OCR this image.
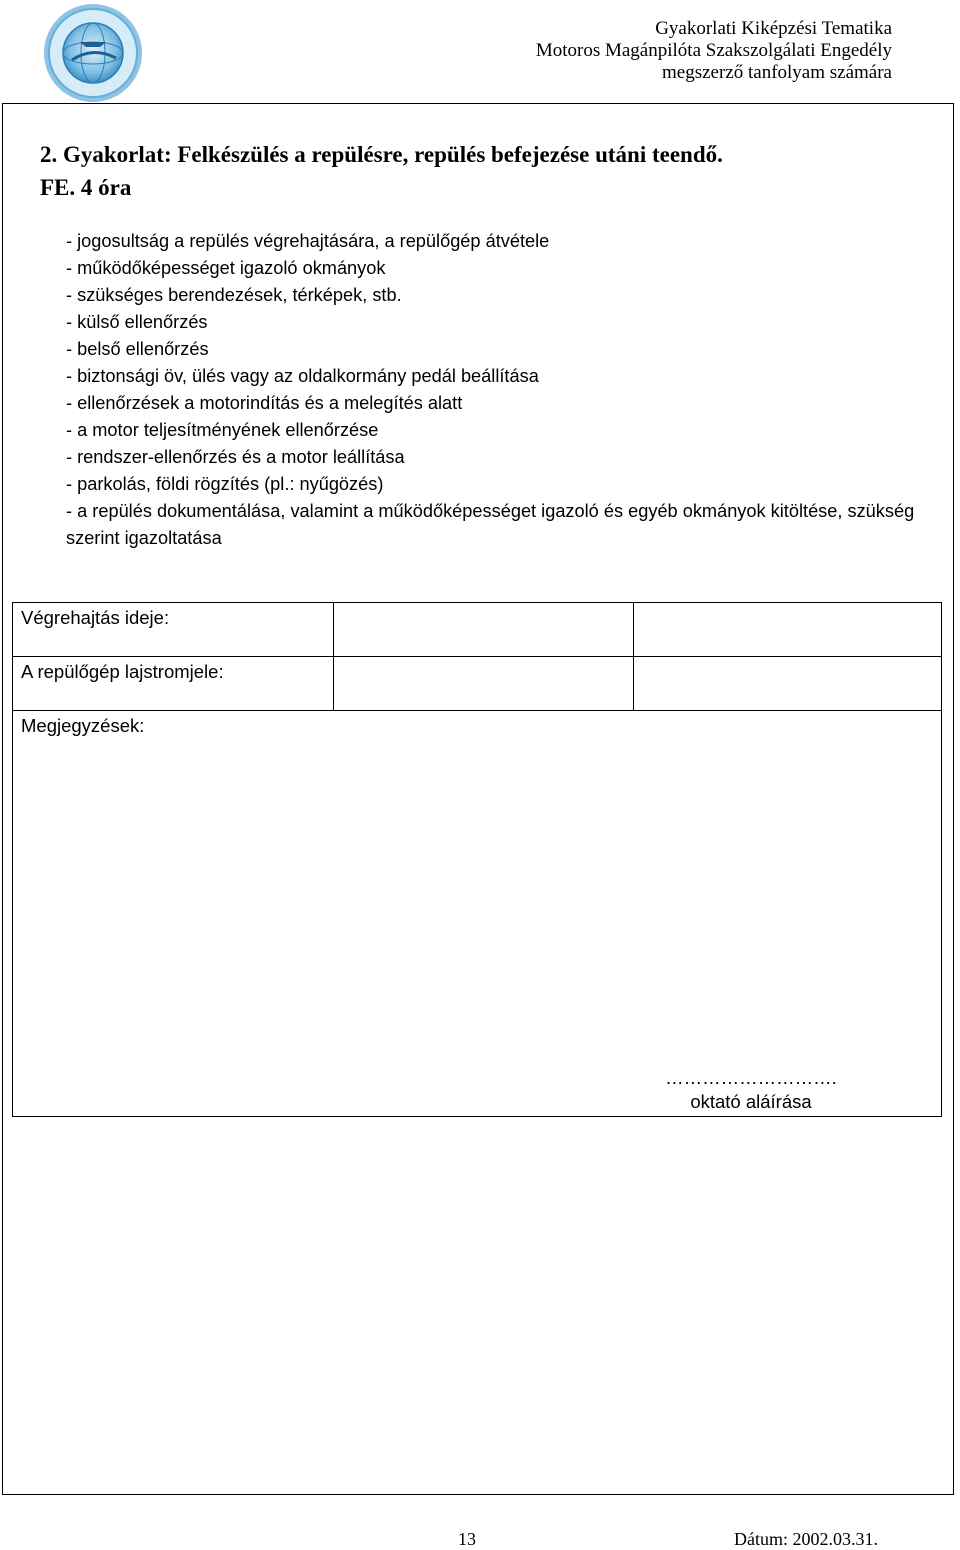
Gyakorlati Kiképzési Tematika
Motoros Magánpilóta Szakszolgálati Engedély
megszerző tanfolyam számára
2. Gyakorlat: Felkészülés a repülésre, repülés befejezése utáni teendő.
FE. 4 óra
- jogosultság a repülés végrehajtására, a repülőgép átvétele
- működőképességet igazoló okmányok
- szükséges berendezések, térképek, stb.
- külső ellenőrzés
- belső ellenőrzés
- biztonsági öv, ülés vagy az oldalkormány pedál beállítása
- ellenőrzések a motorindítás és a melegítés alatt
- a motor teljesítményének ellenőrzése
- rendszer-ellenőrzés és a motor leállítása
- parkolás, földi rögzítés (pl.: nyűgözés)
- a repülés dokumentálása, valamint a működőképességet igazoló és egyéb okmányok kitöltése, szükség szerint igazoltatása
Végrehajtás ideje:		
A repülőgép lajstromjele:		

Megjegyzések:
……………………….
oktató aláírása		
13	Dátum: 2002.03.31.
